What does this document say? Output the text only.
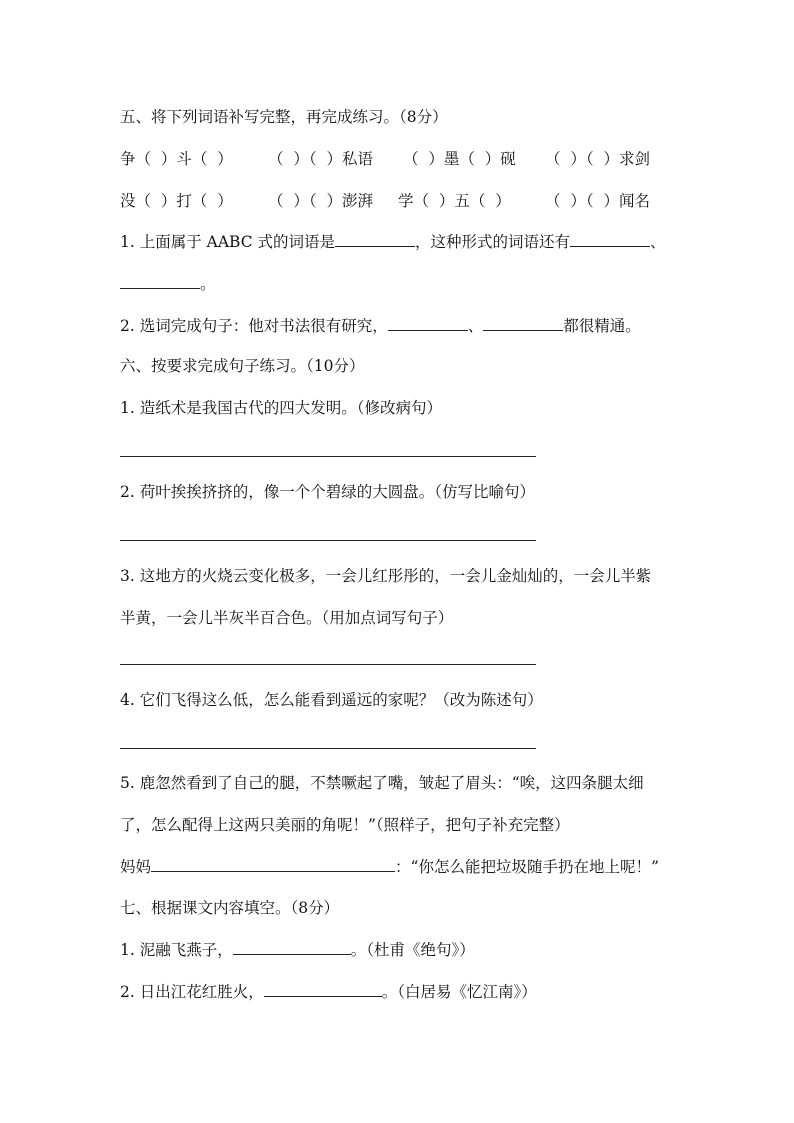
五、将下列词语补写完整，再完成练习。（8分）
争（  ）斗（  ） （  ）（  ）私语 （  ）墨（  ）砚 （  ）（  ）求剑
没（  ）打（  ） （  ）（  ）澎湃 学（  ）五（  ） （  ）（  ）闻名
1. 上面属于 AABC 式的词语是	，这种形式的词语还有	、
。
2. 选词完成句子：他对书法很有研究，	、	都很精通。
六、按要求完成句子练习。（10分）
1. 造纸术是我国古代的四大发明。（修改病句）
2. 荷叶挨挨挤挤的，像一个个碧绿的大圆盘。（仿写比喻句）
3. 这地方的火烧云变化极多，一会儿红彤彤的，一会儿金灿灿的，一会儿半紫
半黄，一会儿半灰半百合色。（用加点词写句子）
4. 它们飞得这么低，怎么能看到遥远的家呢？（改为陈述句）
5. 鹿忽然看到了自己的腿，不禁噘起了嘴，皱起了眉头：“唉，这四条腿太细
了，怎么配得上这两只美丽的角呢！”（照样子，把句子补充完整）
妈妈	：“你怎么能把垃圾随手扔在地上呢！”
七、根据课文内容填空。（8分）
1. 泥融飞燕子，	。（杜甫《绝句》）
2. 日出江花红胜火，	。（白居易《忆江南》）
